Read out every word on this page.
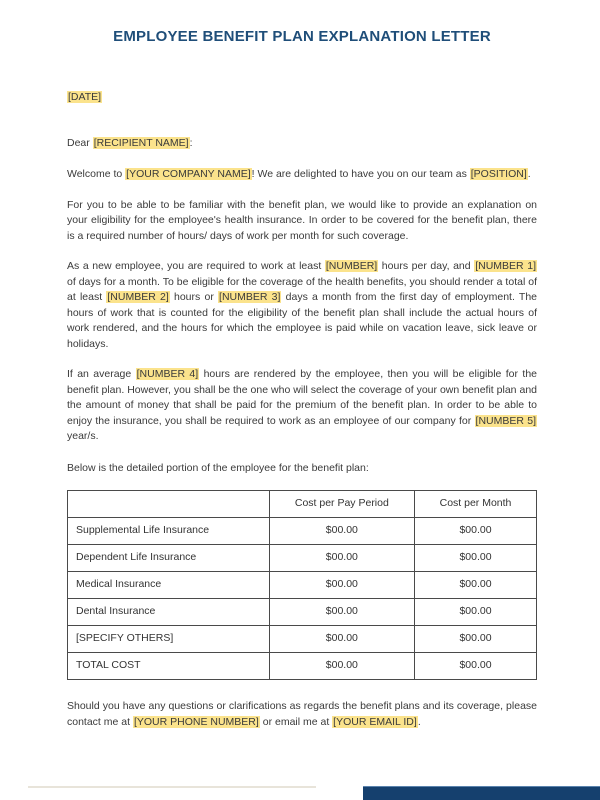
EMPLOYEE BENEFIT PLAN EXPLANATION LETTER

[DATE]

Dear [RECIPIENT NAME]:

Welcome to [YOUR COMPANY NAME]! We are delighted to have you on our team as [POSITION].

For you to be able to be familiar with the benefit plan, we would like to provide an explanation on your eligibility for the employee's health insurance. In order to be covered for the benefit plan, there is a required number of hours/ days of work per month for such coverage.

As a new employee, you are required to work at least [NUMBER] hours per day, and [NUMBER 1] of days for a month. To be eligible for the coverage of the health benefits, you should render a total of at least [NUMBER 2] hours or [NUMBER 3] days a month from the first day of employment. The hours of work that is counted for the eligibility of the benefit plan shall include the actual hours of work rendered, and the hours for which the employee is paid while on vacation leave, sick leave or holidays.

If an average [NUMBER 4] hours are rendered by the employee, then you will be eligible for the benefit plan. However, you shall be the one who will select the coverage of your own benefit plan and the amount of money that shall be paid for the premium of the benefit plan. In order to be able to enjoy the insurance, you shall be required to work as an employee of our company for [NUMBER 5] year/s.

Below is the detailed portion of the employee for the benefit plan:

	Cost per Pay Period	Cost per Month
Supplemental Life Insurance	$00.00	$00.00
Dependent Life Insurance	$00.00	$00.00
Medical Insurance	$00.00	$00.00
Dental Insurance	$00.00	$00.00
[SPECIFY OTHERS]	$00.00	$00.00
TOTAL COST	$00.00	$00.00

Should you have any questions or clarifications as regards the benefit plans and its coverage, please contact me at [YOUR PHONE NUMBER] or email me at [YOUR EMAIL ID].
